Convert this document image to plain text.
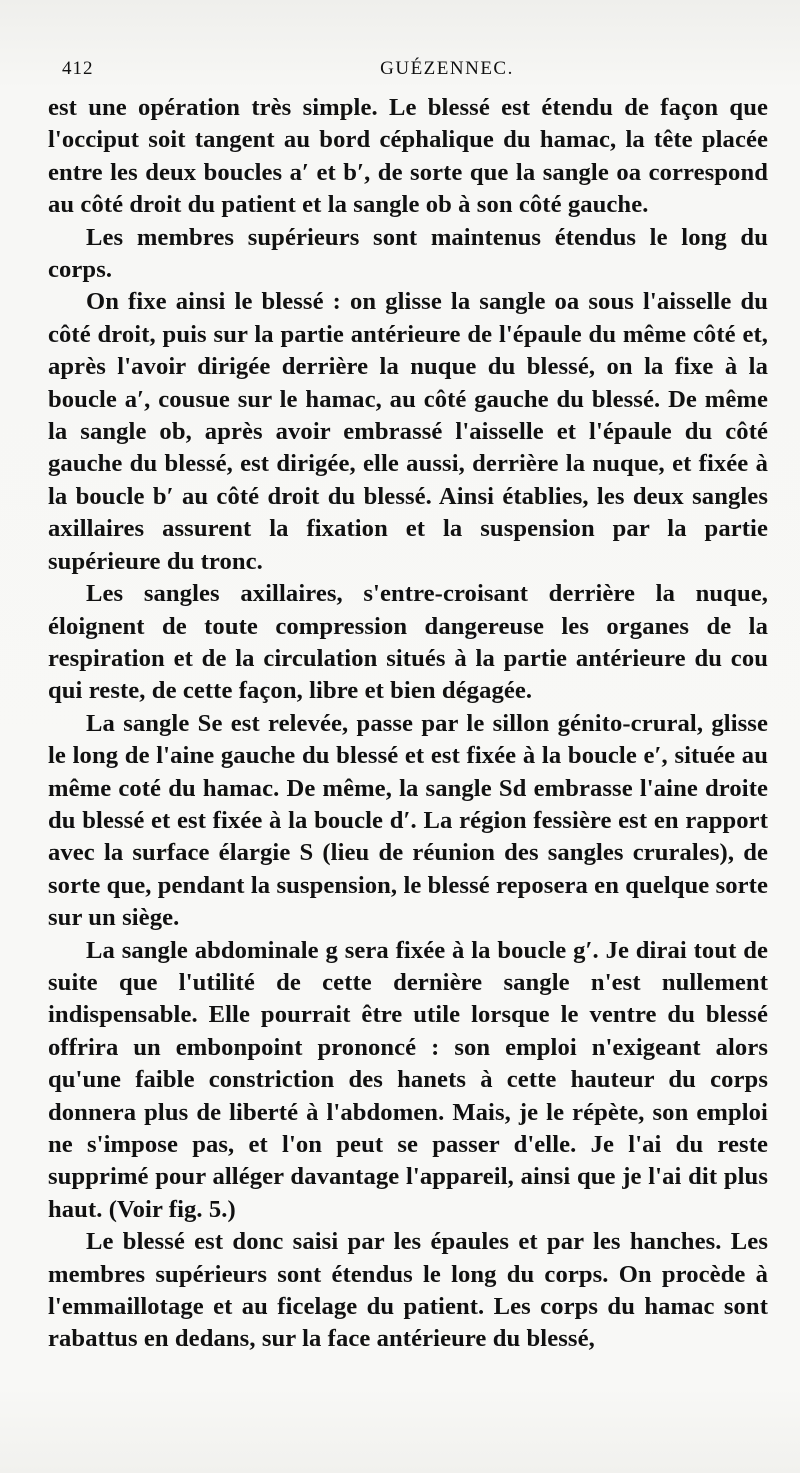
412	GUÉZENNEC.

est une opération très simple. Le blessé est étendu de façon que l'occiput soit tangent au bord céphalique du hamac, la tête placée entre les deux boucles a′ et b′, de sorte que la sangle oa correspond au côté droit du patient et la sangle ob à son côté gauche.

Les membres supérieurs sont maintenus étendus le long du corps.

On fixe ainsi le blessé : on glisse la sangle oa sous l'aisselle du côté droit, puis sur la partie antérieure de l'épaule du même côté et, après l'avoir dirigée derrière la nuque du blessé, on la fixe à la boucle a′, cousue sur le hamac, au côté gauche du blessé. De même la sangle ob, après avoir embrassé l'aisselle et l'épaule du côté gauche du blessé, est dirigée, elle aussi, derrière la nuque, et fixée à la boucle b′ au côté droit du blessé. Ainsi établies, les deux sangles axillaires assurent la fixation et la suspension par la partie supérieure du tronc.

Les sangles axillaires, s'entre-croisant derrière la nuque, éloignent de toute compression dangereuse les organes de la respiration et de la circulation situés à la partie antérieure du cou qui reste, de cette façon, libre et bien dégagée.

La sangle Se est relevée, passe par le sillon génito-crural, glisse le long de l'aine gauche du blessé et est fixée à la boucle e′, située au même coté du hamac. De même, la sangle Sd embrasse l'aine droite du blessé et est fixée à la boucle d′. La région fessière est en rapport avec la surface élargie S (lieu de réunion des sangles crurales), de sorte que, pendant la suspension, le blessé reposera en quelque sorte sur un siège.

La sangle abdominale g sera fixée à la boucle g′. Je dirai tout de suite que l'utilité de cette dernière sangle n'est nullement indispensable. Elle pourrait être utile lorsque le ventre du blessé offrira un embonpoint prononcé : son emploi n'exigeant alors qu'une faible constriction des hanets à cette hauteur du corps donnera plus de liberté à l'abdomen. Mais, je le répète, son emploi ne s'impose pas, et l'on peut se passer d'elle. Je l'ai du reste supprimé pour alléger davantage l'appareil, ainsi que je l'ai dit plus haut. (Voir fig. 5.)

Le blessé est donc saisi par les épaules et par les hanches. Les membres supérieurs sont étendus le long du corps. On procède à l'emmaillotage et au ficelage du patient. Les corps du hamac sont rabattus en dedans, sur la face antérieure du blessé,
